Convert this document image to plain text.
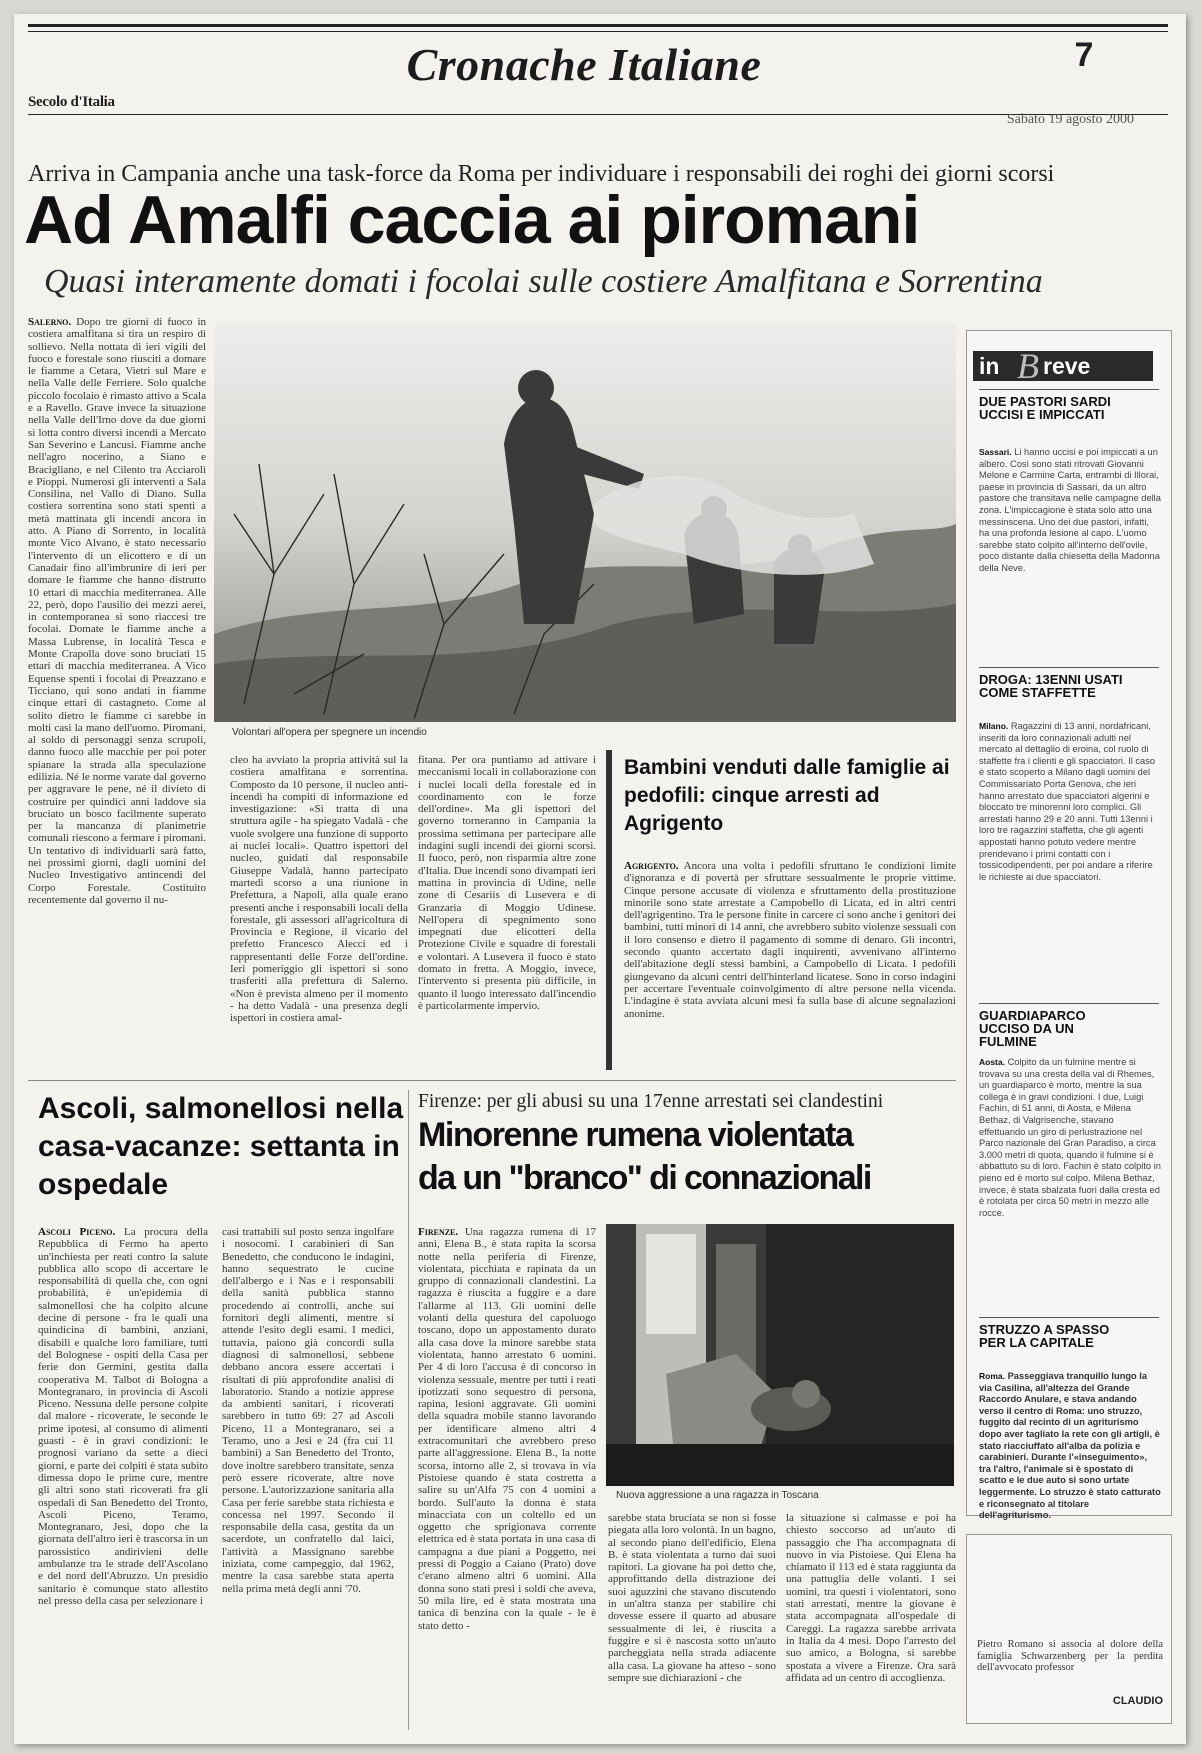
Secolo d'Italia
Cronache Italiane	7
Sabato 19 agosto 2000
Arriva in Campania anche una task-force da Roma per individuare i responsabili dei roghi dei giorni scorsi
Ad Amalfi caccia ai piromani
Quasi interamente domati i focolai sulle costiere Amalfitana e Sorrentina
Salerno. Dopo tre giorni di fuoco in costiera amalfitana si tira un respiro di sollievo. Nella nottata di ieri vigili del fuoco e forestale sono riusciti a domare le fiamme a Cetara, Vietri sul Mare e nella Valle delle Ferriere. Solo qualche piccolo focolaio è rimasto attivo a Scala e a Ravello. Grave invece la situazione nella Valle dell'Irno dove da due giorni si lotta contro diversi incendi a Mercato San Severino e Lancusi. Fiamme anche nell'agro nocerino, a Siano e Bracigliano, e nel Cilento tra Acciaroli e Pioppi. Numerosi gli interventi a Sala Consilina, nel Vallo di Diano. Sulla costiera sorrentina sono stati spenti a metà mattinata gli incendi ancora in atto. A Piano di Sorrento, in località monte Vico Alvano, è stato necessario l'intervento di un elicottero e di un Canadair fino all'imbrunire di ieri per domare le fiamme che hanno distrutto 10 ettari di macchia mediterranea. Alle 22, però, dopo l'ausilio dei mezzi aerei, in contemporanea si sono riaccesi tre focolai. Domate le fiamme anche a Massa Lubrense, in località Tesca e Monte Crapolla dove sono bruciati 15 ettari di macchia mediterranea. A Vico Equense spenti i focolai di Preazzano e Ticciano, qui sono andati in fiamme cinque ettari di castagneto. Come al solito dietro le fiamme ci sarebbe in molti casi la mano dell'uomo. Piromani, al soldo di personaggi senza scrupoli, danno fuoco alle macchie per poi poter spianare la strada alla speculazione edilizia. Né le norme varate dal governo per aggravare le pene, né il divieto di costruire per quindici anni laddove sia bruciato un bosco facilmente superato per la mancanza di planimetrie comunali riescono a fermare i piromani. Un tentativo di individuarli sarà fatto, nei prossimi giorni, dagli uomini del Nucleo Investigativo antincendi del Corpo Forestale. Costituito recentemente dal governo il nu-
Volontari all'opera per spegnere un incendio
cleo ha avviato la propria attività sul la costiera amalfitana e sorrentina. Composto da 10 persone, il nucleo anti-incendi ha compiti di informazione ed investigazione: «Si tratta di una struttura agile - ha spiegato Vadalà - che vuole svolgere una funzione di supporto ai nuclei locali». Quattro ispettori del nucleo, guidati dal responsabile Giuseppe Vadalà, hanno partecipato martedì scorso a una riunione in Prefettura, a Napoli, alla quale erano presenti anche i responsabili locali della forestale, gli assessori all'agricoltura di Provincia e Regione, il vicario del prefetto Francesco Alecci ed i rappresentanti delle Forze dell'ordine. Ieri pomeriggio gli ispettori si sono trasferiti alla prefettura di Salerno. «Non è prevista almeno per il momento - ha detto Vadalà - una presenza degli ispettori in costiera amal-
fitana. Per ora puntiamo ad attivare i meccanismi locali in collaborazione con i nuclei locali della forestale ed in coordinamento con le forze dell'ordine». Ma gli ispettori del governo torneranno in Campania la prossima settimana per partecipare alle indagini sugli incendi dei giorni scorsi. Il fuoco, però, non risparmia altre zone d'Italia. Due incendi sono divampati ieri mattina in provincia di Udine, nelle zone di Cesariis di Lusevera e di Granzaria di Moggio Udinese. Nell'opera di spegnimento sono impegnati due elicotteri della Protezione Civile e squadre di forestali e volontari. A Lusevera il fuoco è stato domato in fretta. A Moggio, invece, l'intervento si presenta più difficile, in quanto il luogo interessato dall'incendio è particolarmente impervio.
Bambini venduti dalle famiglie ai pedofili: cinque arresti ad Agrigento
Agrigento. Ancora una volta i pedofili sfruttano le condizioni limite d'ignoranza e di povertà per sfruttare sessualmente le proprie vittime. Cinque persone accusate di violenza e sfruttamento della prostituzione minorile sono state arrestate a Campobello di Licata, ed in altri centri dell'agrigentino. Tra le persone finite in carcere ci sono anche i genitori dei bambini, tutti minori di 14 anni, che avrebbero subito violenze sessuali con il loro consenso e dietro il pagamento di somme di denaro. Gli incontri, secondo quanto accertato dagli inquirenti, avvenivano all'interno dell'abitazione degli stessi bambini, a Campobello di Licata. I pedofili giungevano da alcuni centri dell'hinterland licatese. Sono in corso indagini per accertare l'eventuale coinvolgimento di altre persone nella vicenda. L'indagine è stata avviata alcuni mesi fa sulla base di alcune segnalazioni anonime.
in B reve
DUE PASTORI SARDI UCCISI E IMPICCATI
Sassari. Li hanno uccisi e poi impiccati a un albero. Così sono stati ritrovati Giovanni Melone e Carmine Carta, entrambi di Illorai, paese in provincia di Sassari, da un altro pastore che transitava nelle campagne della zona. L'impiccagione è stata solo atto una messinscena. Uno dei due pastori, infatti, ha una profonda lesione al capo. L'uomo sarebbe stato colpito all'interno dell'ovile, poco distante dalla chiesetta della Madonna della Neve.
DROGA: 13ENNI USATI COME STAFFETTE
Milano. Ragazzini di 13 anni, nordafricani, inseriti da loro connazionali adulti nel mercato al dettaglio di eroina, col ruolo di staffette fra i clienti e gli spacciatori. Il caso è stato scoperto a Milano dagli uomini del Commissariato Porta Genova, che ieri hanno arrestato due spacciatori algerini e bloccato tre minorenni loro complici. Gli arrestati hanno 29 e 20 anni. Tutti 13enni i loro tre ragazzini staffetta, che gli agenti appostati hanno potuto vedere mentre prendevano i primi contatti con i tossicodipendenti, per poi andare a riferire le richieste ai due spacciatori.
GUARDIAPARCO UCCISO DA UN FULMINE
Aosta. Colpito da un fulmine mentre si trovava su una cresta della val di Rhemes, un guardiaparco è morto, mentre la sua collega è in gravi condizioni. I due, Luigi Fachin, di 51 anni, di Aosta, e Milena Bethaz, di Valgrisenche, stavano effettuando un giro di perlustrazione nel Parco nazionale del Gran Paradiso, a circa 3.000 metri di quota, quando il fulmine si è abbattuto su di loro. Fachin è stato colpito in pieno ed è morto sul colpo. Milena Bethaz, invece, è stata sbalzata fuori dalla cresta ed è rotolata per circa 50 metri in mezzo alle rocce.
STRUZZO A SPASSO PER LA CAPITALE
Roma. Passeggiava tranquillo lungo la via Casilina, all'altezza del Grande Raccordo Anulare, e stava andando verso il centro di Roma: uno struzzo, fuggito dal recinto di un agriturismo dopo aver tagliato la rete con gli artigli, è stato riacciuffato all'alba da polizia e carabinieri. Durante l'«inseguimento», tra l'altro, l'animale si è spostato di scatto e le due auto si sono urtate leggermente. Lo struzzo è stato catturato e riconsegnato al titolare dell'agriturismo.
Pietro Romano si associa al dolore della famiglia Schwarzenberg per la perdita dell'avvocato professor
CLAUDIO
Ascoli, salmonellosi nella casa-vacanze: settanta in ospedale
Ascoli Piceno. La procura della Repubblica di Fermo ha aperto un'inchiesta per reati contro la salute pubblica allo scopo di accertare le responsabilità di quella che, con ogni probabilità, è un'epidemia di salmonellosi che ha colpito alcune decine di persone - fra le quali una quindicina di bambini, anziani, disabili e qualche loro familiare, tutti del Bolognese - ospiti della Casa per ferie don Germini, gestita dalla cooperativa M. Talbot di Bologna a Montegranaro, in provincia di Ascoli Piceno. Nessuna delle persone colpite dal malore - ricoverate, le seconde le prime ipotesi, al consumo di alimenti guasti - è in gravi condizioni: le prognosi variano da sette a dieci giorni, e parte dei colpiti è stata subito dimessa dopo le prime cure, mentre gli altri sono stati ricoverati fra gli ospedali di San Benedetto del Tronto, Ascoli Piceno, Teramo, Montegranaro, Jesi, dopo che la giornata dell'altro ieri è trascorsa in un parossistico andirivieni delle ambulanze tra le strade dell'Ascolano e del nord dell'Abruzzo. Un presidio sanitario è comunque stato allestito nel presso della casa per selezionare i
casi trattabili sul posto senza ingolfare i nosocomi. I carabinieri di San Benedetto, che conducono le indagini, hanno sequestrato le cucine dell'albergo e i Nas e i responsabili della sanità pubblica stanno procedendo ai controlli, anche sui fornitori degli alimenti, mentre si attende l'esito degli esami. I medici, tuttavia, paiono già concordi sulla diagnosi di salmonellosi, sebbene debbano ancora essere accertati i risultati di più approfondite analisi di laboratorio. Stando a notizie apprese da ambienti sanitari, i ricoverati sarebbero in tutto 69: 27 ad Ascoli Piceno, 11 a Montegranaro, sei a Teramo, uno a Jesi e 24 (fra cui 11 bambini) a San Benedetto del Tronto, dove inoltre sarebbero transitate, senza però essere ricoverate, altre nove persone. L'autorizzazione sanitaria alla Casa per ferie sarebbe stata richiesta e concessa nel 1997. Secondo il responsabile della casa, gestita da un sacerdote, un confratello dal laici, l'attività a Massignano sarebbe iniziata, come campeggio, dal 1962, mentre la casa sarebbe stata aperta nella prima metà degli anni '70.
Firenze: per gli abusi su una 17enne arrestati sei clandestini
Minorenne rumena violentata
da un "branco" di connazionali
Firenze. Una ragazza rumena di 17 anni, Elena B., è stata rapita la scorsa notte nella periferia di Firenze, violentata, picchiata e rapinata da un gruppo di connazionali clandestini. La ragazza è riuscita a fuggire e a dare l'allarme al 113. Gli uomini delle volanti della questura del capoluogo toscano, dopo un appostamento durato alla casa dove la minore sarebbe stata violentata, hanno arrestato 6 uomini. Per 4 di loro l'accusa è di concorso in violenza sessuale, mentre per tutti i reati ipotizzati sono sequestro di persona, rapina, lesioni aggravate. Gli uomini della squadra mobile stanno lavorando per identificare almeno altri 4 extracomunitari che avrebbero preso parte all'aggressione. Elena B., la notte scorsa, intorno alle 2, si trovava in via Pistoiese quando è stata costretta a salire su un'Alfa 75 con 4 uomini a bordo. Sull'auto la donna è stata minacciata con un coltello ed un oggetto che sprigionava corrente elettrica ed è stata portata in una casa di campagna a due piani a Poggetto, nei pressi di Poggio a Caiano (Prato) dove c'erano almeno altri 6 uomini. Alla donna sono stati presi i soldi che aveva, 50 mila lire, ed è stata mostrata una tanica di benzina con la quale - le è stato detto -
Nuova aggressione a una ragazza in Toscana
sarebbe stata bruciata se non si fosse piegata alla loro volontà. In un bagno, al secondo piano dell'edificio, Elena B. è stata violentata a turno dai suoi rapitori. La giovane ha poi detto che, approfittando della distrazione dei suoi aguzzini che stavano discutendo in un'altra stanza per stabilire chi dovesse essere il quarto ad abusare sessualmente di lei, è riuscita a fuggire e si è nascosta sotto un'auto parcheggiata nella strada adiacente alla casa. La giovane ha atteso - sono sempre sue dichiarazioni - che
la situazione si calmasse e poi ha chiesto soccorso ad un'auto di passaggio che l'ha accompagnata di nuovo in via Pistoiese. Qui Elena ha chiamato il 113 ed è stata raggiunta da una pattuglia delle volanti. I sei uomini, tra questi i violentatori, sono stati arrestati, mentre la giovane è stata accompagnata all'ospedale di Careggi. La ragazza sarebbe arrivata in Italia da 4 mesi. Dopo l'arresto del suo amico, a Bologna, si sarebbe spostata a vivere a Firenze. Ora sarà affidata ad un centro di accoglienza.
